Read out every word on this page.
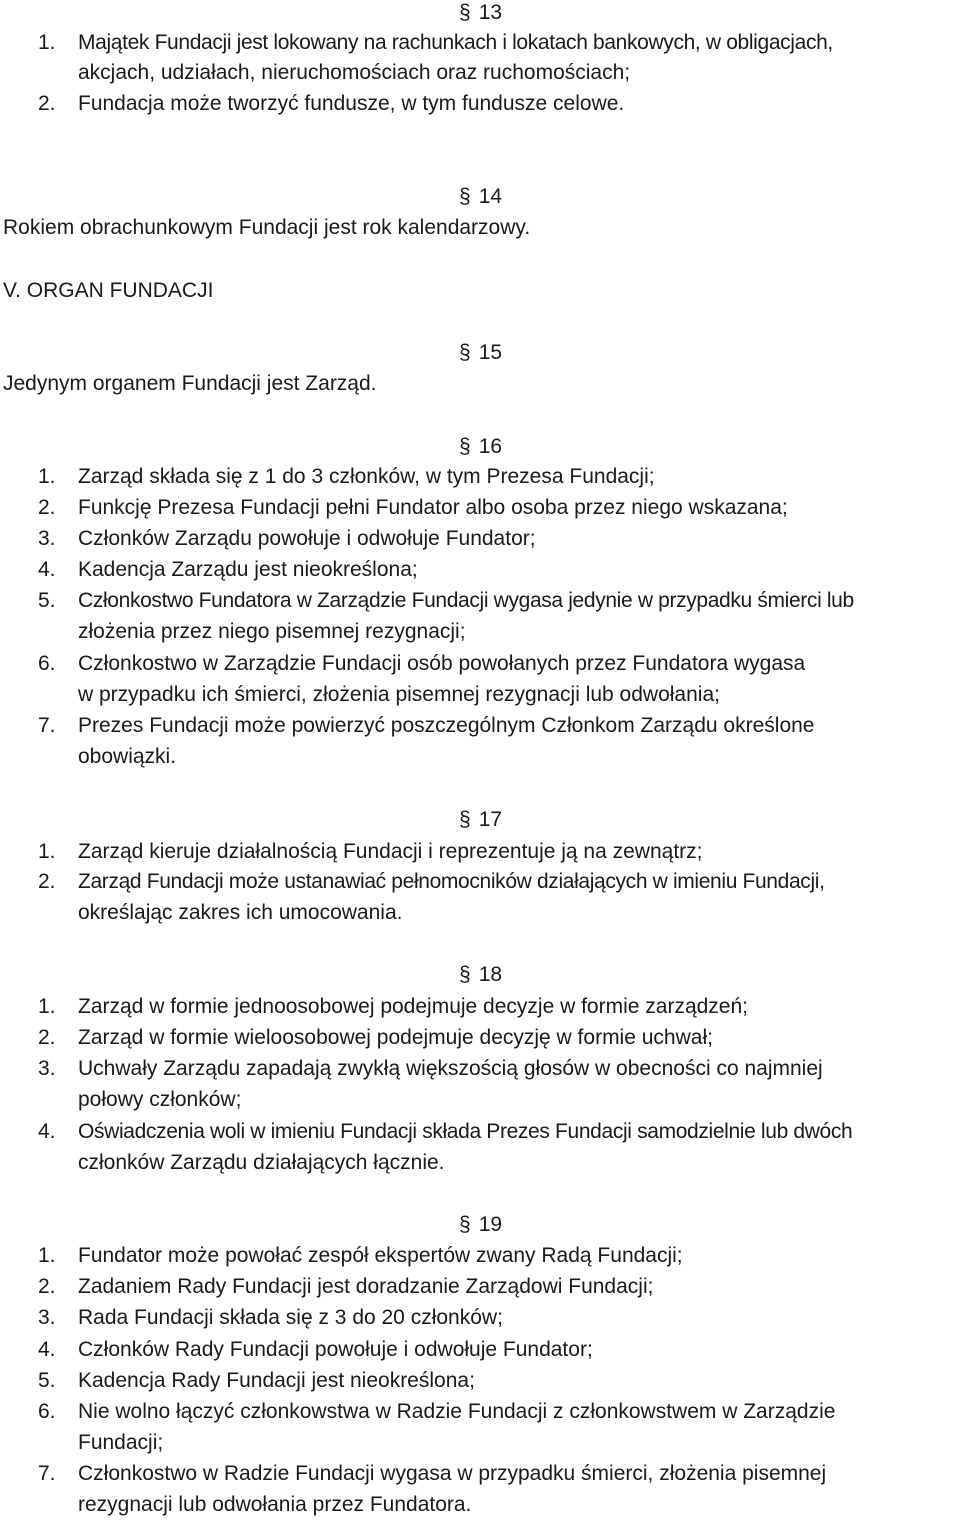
§ 13
1. Majątek Fundacji jest lokowany na rachunkach i lokatach bankowych, w obligacjach,
akcjach, udziałach, nieruchomościach oraz ruchomościach;
2. Fundacja może tworzyć fundusze, w tym fundusze celowe.
§ 14
Rokiem obrachunkowym Fundacji jest rok kalendarzowy.
V. ORGAN FUNDACJI
§ 15
Jedynym organem Fundacji jest Zarząd.
§ 16
1. Zarząd składa się z 1 do 3 członków, w tym Prezesa Fundacji;
2. Funkcję Prezesa Fundacji pełni Fundator albo osoba przez niego wskazana;
3. Członków Zarządu powołuje i odwołuje Fundator;
4. Kadencja Zarządu jest nieokreślona;
5. Członkostwo Fundatora w Zarządzie Fundacji wygasa jedynie w przypadku śmierci lub
złożenia przez niego pisemnej rezygnacji;
6. Członkostwo w Zarządzie Fundacji osób powołanych przez Fundatora wygasa
w przypadku ich śmierci, złożenia pisemnej rezygnacji lub odwołania;
7. Prezes Fundacji może powierzyć poszczególnym Członkom Zarządu określone
obowiązki.
§ 17
1. Zarząd kieruje działalnością Fundacji i reprezentuje ją na zewnątrz;
2. Zarząd Fundacji może ustanawiać pełnomocników działających w imieniu Fundacji,
określając zakres ich umocowania.
§ 18
1. Zarząd w formie jednoosobowej podejmuje decyzje w formie zarządzeń;
2. Zarząd w formie wieloosobowej podejmuje decyzję w formie uchwał;
3. Uchwały Zarządu zapadają zwykłą większością głosów w obecności co najmniej
połowy członków;
4. Oświadczenia woli w imieniu Fundacji składa Prezes Fundacji samodzielnie lub dwóch
członków Zarządu działających łącznie.
§ 19
1. Fundator może powołać zespół ekspertów zwany Radą Fundacji;
2. Zadaniem Rady Fundacji jest doradzanie Zarządowi Fundacji;
3. Rada Fundacji składa się z 3 do 20 członków;
4. Członków Rady Fundacji powołuje i odwołuje Fundator;
5. Kadencja Rady Fundacji jest nieokreślona;
6. Nie wolno łączyć członkowstwa w Radzie Fundacji z członkowstwem w Zarządzie
Fundacji;
7. Członkostwo w Radzie Fundacji wygasa w przypadku śmierci, złożenia pisemnej
rezygnacji lub odwołania przez Fundatora.
